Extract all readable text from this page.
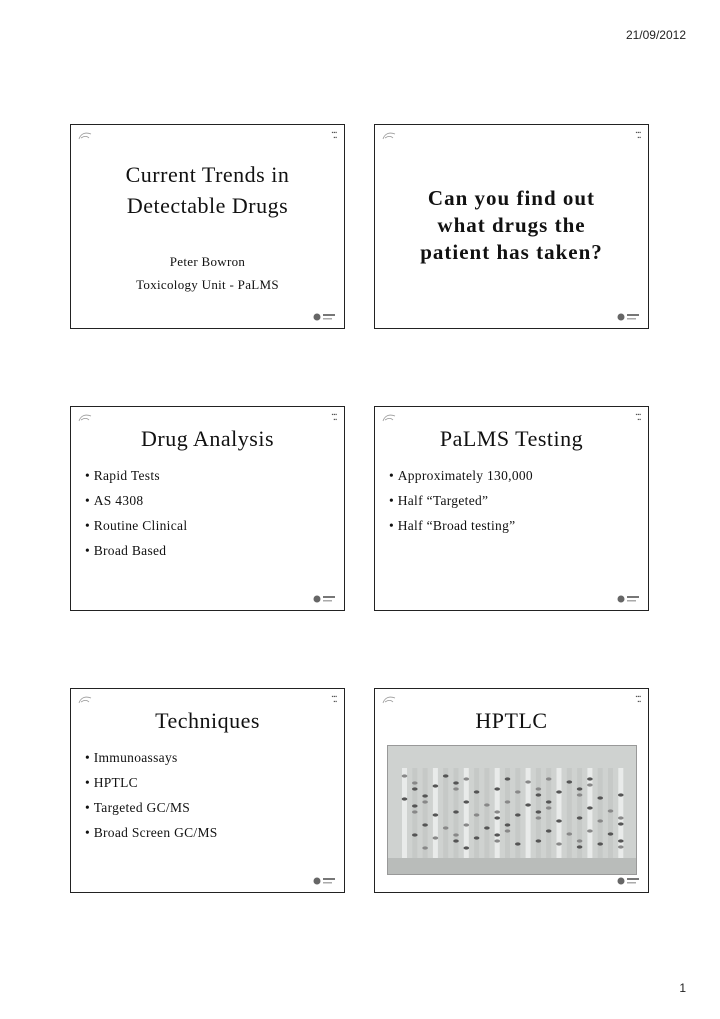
21/09/2012
▪▪▪
▪▪
Current Trends in
Detectable Drugs
Peter Bowron
Toxicology Unit - PaLMS
▪▪▪
▪▪
Can you find out
what drugs the
patient has taken?
▪▪▪
▪▪
Drug Analysis
• Rapid Tests
• AS 4308
• Routine Clinical
• Broad Based
▪▪▪
▪▪
PaLMS Testing
• Approximately 130,000
• Half “Targeted”
• Half “Broad testing”
▪▪▪
▪▪
Techniques
• Immunoassays
• HPTLC
• Targeted GC/MS
• Broad Screen GC/MS
▪▪▪
▪▪
HPTLC
1
